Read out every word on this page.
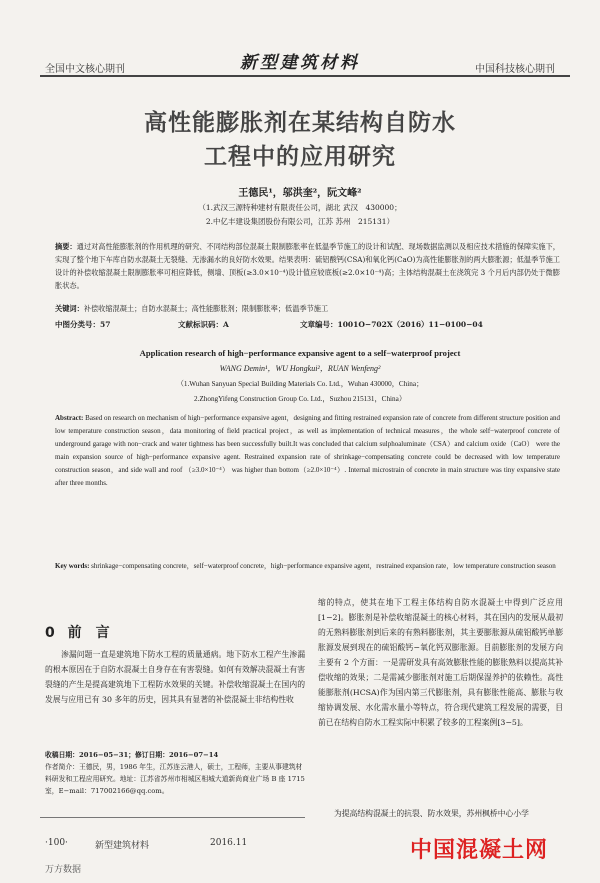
全国中文核心期刊	新型建筑材料	中国科技核心期刊
高性能膨胀剂在某结构自防水
工程中的应用研究
王德民¹，邬洪奎²，阮文峰²
（1.武汉三源特种建材有限责任公司，湖北 武汉　430000；
2.中亿丰建设集团股份有限公司，江苏 苏州　215131）
摘要：通过对高性能膨胀剂的作用机理的研究、不同结构部位混凝土限制膨胀率在低温季节施工的设计和试配、现场数据监测以及相应技术措施的保障实施下，实现了整个地下车库自防水混凝土无裂缝、无渗漏水的良好防水效果。结果表明：硫铝酸钙(CSA)和氧化钙(CaO)为高性能膨胀剂的两大膨胀源；低温季节施工设计的补偿收缩混凝土限制膨胀率可相应降低，侧墙、顶板(≥3.0×10⁻⁴)设计值应较底板(≥2.0×10⁻⁴)高；主体结构混凝土在浇筑完 3 个月后内部仍处于微膨胀状态。
关键词：补偿收缩混凝土；自防水混凝土；高性能膨胀剂；限制膨胀率；低温季节施工
中图分类号：57	文献标识码：A	文章编号：1001O−702X（2016）11−0100−04
Application research of high−performance expansive agent to a self−waterproof project
WANG Demin¹，WU Hongkui²，RUAN Wenfeng²
（1.Wuhan Sanyuan Special Building Materials Co. Ltd.，Wuhan 430000，China；
2.ZhongYifeng Construction Group Co. Ltd.，Suzhou 215131，China）
Abstract: Based on research on mechanism of high−performance expansive agent，designing and fitting restrained expansion rate of concrete from different structure position and low temperature construction season，data monitoring of field practical project，as well as implementation of technical measures，the whole self−waterproof concrete of underground garage with non−crack and water tightness has been successfully built.It was concluded that calcium sulphoaluminate（CSA）and calcium oxide（CaO） were the main expansion source of high−performance expansive agent. Restrained expansion rate of shrinkage−compensating concrete could be decreased with low temperature construction season，and side wall and roof （≥3.0×10⁻⁴） was higher than bottom（≥2.0×10⁻⁴）. Internal microstrain of concrete in main structure was tiny expansive state after three months.
Key words: shrinkage−compensating concrete，self−waterproof concrete，high−performance expansive agent，restrained expansion rate，low temperature construction season
0 前　言
渗漏问题一直是建筑地下防水工程的质量通病。地下防水工程产生渗漏的根本原因在于自防水混凝土自身存在有害裂缝。如何有效解决混凝土有害裂缝的产生是提高建筑地下工程防水效果的关键。补偿收缩混凝土在国内的发展与应用已有 30 多年的历史，因其具有显著的补偿混凝土非结构性收
收稿日期：2016−05−31；修订日期：2016−07−14
作者简介：王德民，男，1986 年生，江苏连云港人，硕士，工程师，主要从事建筑材料研发和工程应用研究。地址：江苏省苏州市相城区相城大道新尚商业广场 B 座 1715 室，E−mail：717002166@qq.com。
缩的特点，使其在地下工程主体结构自防水混凝土中得到广泛应用[1−2]。膨胀剂是补偿收缩混凝土的核心材料，其在国内的发展从最初的无熟料膨胀剂到后来的有熟料膨胀剂，其主要膨胀源从硫铝酸钙单膨胀源发展到现在的硫铝酸钙−氧化钙双膨胀源。目前膨胀剂的发展方向主要有 2 个方面：一是需研发具有高效膨胀性能的膨胀熟料以提高其补偿收缩的效果；二是需减少膨胀剂对施工后期保湿养护的依赖性。高性能膨胀剂(HCSA)作为国内第三代膨胀剂，具有膨胀性能高、膨胀与收缩协调发展、水化需水量小等特点，符合现代建筑工程发展的需要，目前已在结构自防水工程实际中积累了较多的工程案例[3−5]。
为提高结构混凝土的抗裂、防水效果，苏州枫桥中心小学
·100·	新型建筑材料	2016.11	中国混凝土网
万方数据
